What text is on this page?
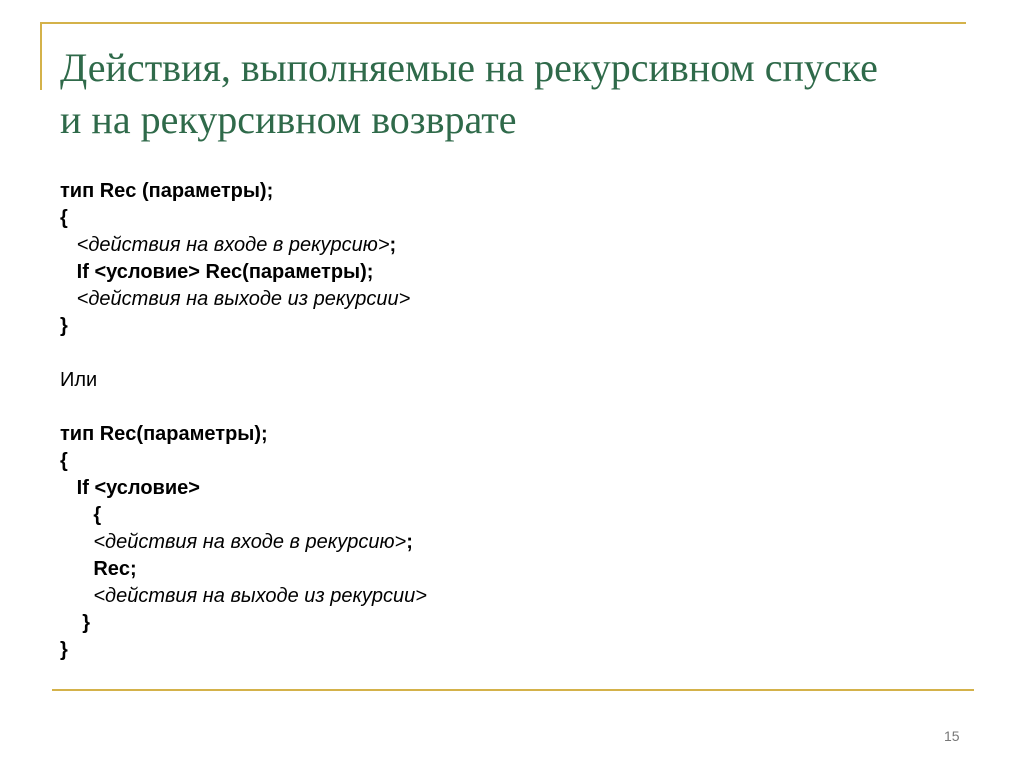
Действия, выполняемые на рекурсивном спуске
и на рекурсивном возврате
тип Rec (параметры);
{
<действия на входе в рекурсию>;
If <условие> Rec(параметры);
<действия на выходе из рекурсии>
}
Или
тип Rec(параметры);
{
If <условие>
{
<действия на входе в рекурсию>;
Rec;
<действия на выходе из рекурсии>
}
}
15
